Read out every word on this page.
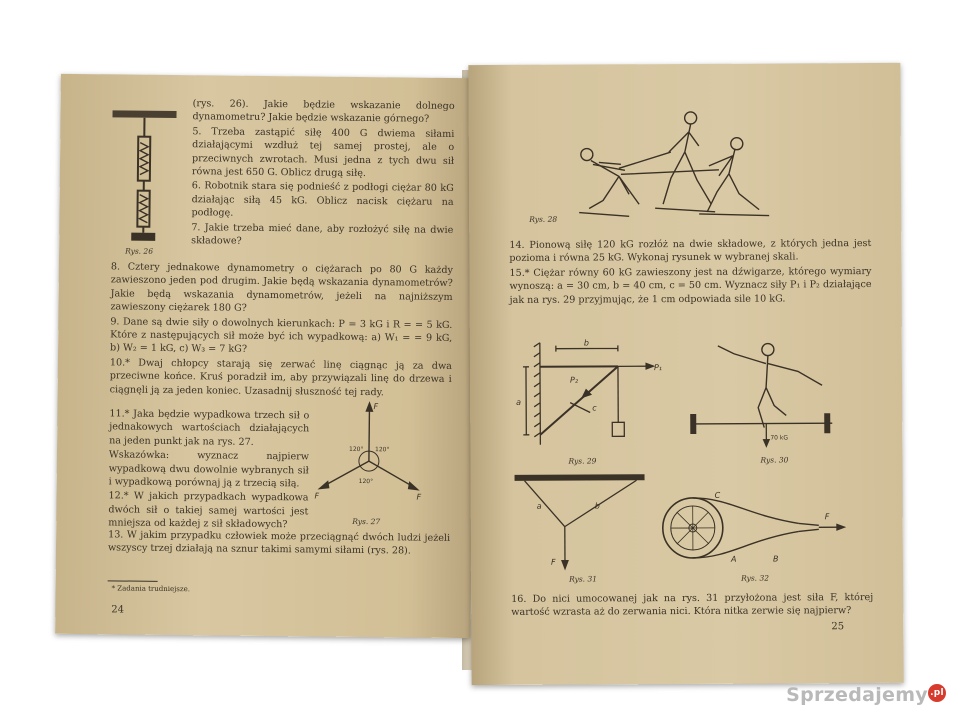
Rys. 26

(rys. 26). Jakie będzie wskazanie dolnego dynamometru? Jakie będzie wskazanie górnego?

5. Trzeba zastąpić siłę 400 G dwiema siłami działającymi wzdłuż tej samej prostej, ale o przeciwnych zwrotach. Musi jedna z tych dwu sił równa jest 650 G. Oblicz drugą siłę.

6. Robotnik stara się podnieść z podłogi ciężar 80 kG działając siłą 45 kG. Oblicz nacisk ciężaru na podłogę.

7. Jakie trzeba mieć dane, aby rozłożyć siłę na dwie składowe?

8. Cztery jednakowe dynamometry o ciężarach po 80 G każdy zawieszono jeden pod drugim. Jakie będą wskazania dynamometrów? Jakie będą wskazania dynamometrów, jeżeli na najniższym zawieszony ciężarek 180 G?

9. Dane są dwie siły o dowolnych kierunkach: P = 3 kG i R = = 5 kG. Które z następujących sił może być ich wypadkową: a) W₁ = = 9 kG, b) W₂ = 1 kG, c) W₃ = 7 kG?

10.* Dwaj chłopcy starają się zerwać linę ciągnąc ją za dwa przeciwne końce. Kruś poradził im, aby przywiązali linę do drzewa i ciągnęli ją za jeden koniec. Uzasadnij słuszność tej rady.

11.* Jaka będzie wypadkowa trzech sił o jednakowych wartościach działających na jeden punkt jak na rys. 27.

Wskazówka: wyznacz najpierw wypadkową dwu dowolnie wybranych sił i wypadkową porównaj ją z trzecią siłą.

12.* W jakich przypadkach wypadkowa dwóch sił o takiej samej wartości jest mniejsza od każdej z sił składowych?

F
F
F
120° 120°
120°
Rys. 27

13. W jakim przypadku człowiek może przeciągnąć dwóch ludzi jeżeli wszyscy trzej działają na sznur takimi samymi siłami (rys. 28).

* Zadania trudniejsze.
24
Rys. 28

14. Pionową siłę 120 kG rozłóż na dwie składowe, z których jedna jest pozioma i równa 25 kG. Wykonaj rysunek w wybranej skali.

15.* Ciężar równy 60 kG zawieszony jest na dźwigarze, którego wymiary wynoszą: a = 30 cm, b = 40 cm, c = 50 cm. Wyznacz siły P₁ i P₂ działające jak na rys. 29 przyjmując, że 1 cm odpowiada sile 10 kG.

b
a
c
P₁
P₂
Rys. 29
70 kG
Rys. 30
a	b
F
Rys. 31
C
A	B
F
Rys. 32

16. Do nici umocowanej jak na rys. 31 przyłożona jest siła F, której wartość wzrasta aż do zerwania nici. Która nitka zerwie się najpierw?

25
Sprzedajemy .pl
